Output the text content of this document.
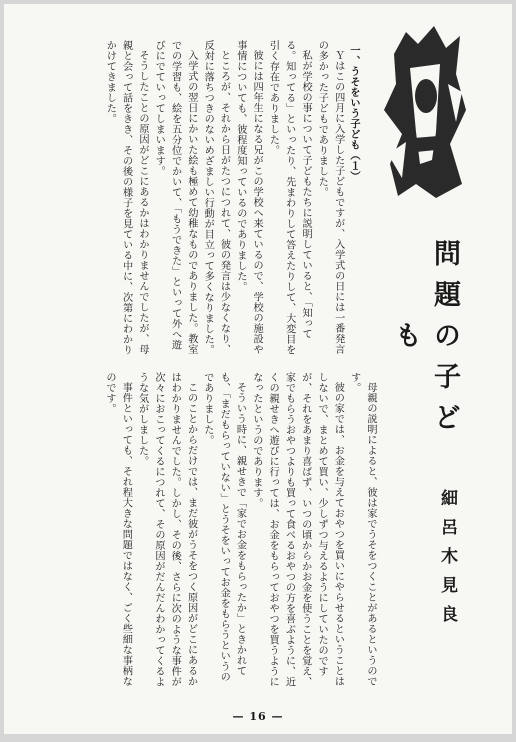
問題の子ども
細呂木見良

一、うそをいう子ども（１）

Ｙはこの四月に入学した子どもですが、入学式の日には一番発言の多かった子どもでありました。

私が学校の事について子どもたちに説明していると、「知ってる。知ってる」といったり、先まわりして答えたりして、大変目を引く存在でありました。

彼には四年生になる兄がこの学校へ来ているので、学校の施設や事情についても、彼程度知っているのでありました。

ところが、それから日がたつにつれて、彼の発言は少なくなり、反対に落ちつきのないめざましい行動が目立って多くなりました。

入学式の翌日にかいた絵も極めて幼稚なものでありました。教室での学習も、絵を五分位でかいて、「もうできた」といって外へ遊びにでていってしまいます。

そうしたことの原因がどこにあるかはわかりませんでしたが、母親と会って話をきき、その後の様子を見ている中に、次第にわかりかけてきました。

母親の説明によると、彼は家でうそをつくことがあるというのです。

彼の家では、お金を与えておやつを買いにやらせるということはしないで、まとめて買い、少しずつ与えるようにしていたのですが、それをあまり喜ばず、いつの頃からかお金を使うことを覚え、家でもらうおやつよりも買って食べるおやつの方を喜ぶように、近くの親せきへ遊びに行っては、お金をもらっておやつを買うようになったというのであります。

そういう時に、親せきで「家でお金をもらったか」ときかれても、「まだもらっていない」とうそをいってお金をもらうというのでありました。

このことからだけでは、まだ彼がうそをつく原因がどこにあるかはわかりませんでした。しかし、その後、さらに次のような事件が次々におこってくるにつれて、その原因がだんだんわかってくるような気がしました。

事件といっても、それ程大きな問題ではなく、ごく些細な事柄なのです。

— 16 —
